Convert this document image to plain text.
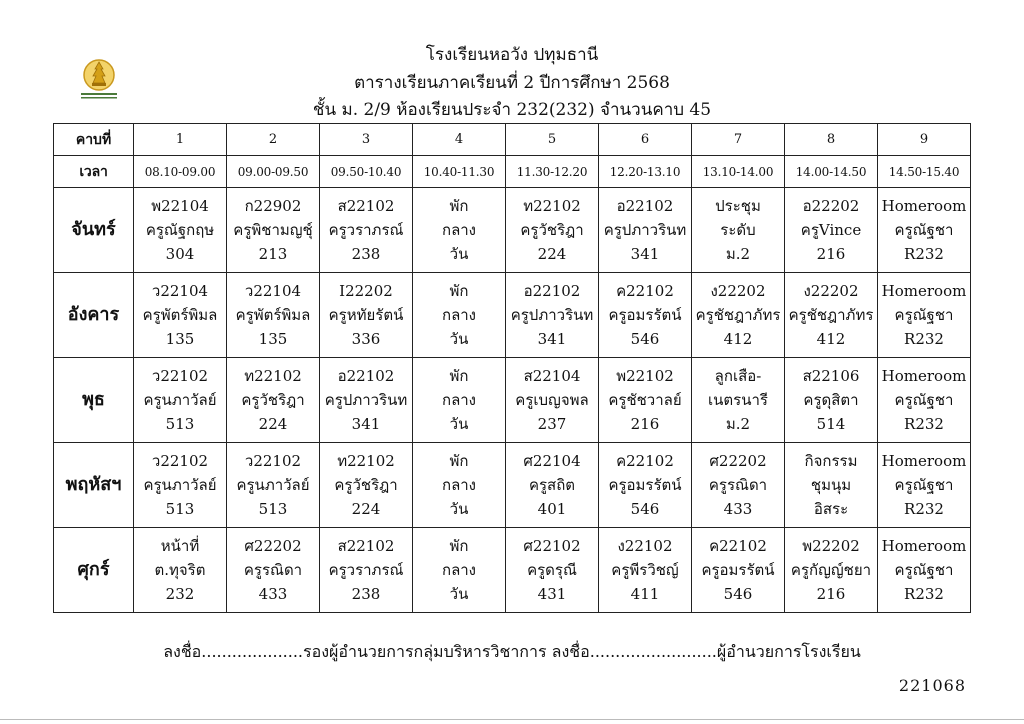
โรงเรียนหอวัง ปทุมธานี
ตารางเรียนภาคเรียนที่ 2 ปีการศึกษา 2568
ชั้น ม. 2/9 ห้องเรียนประจำ 232(232) จำนวนคาบ 45
คาบที่	1	2	3	4	5	6	7	8	9
เวลา	08.10-09.00	09.00-09.50	09.50-10.40	10.40-11.30	11.30-12.20	12.20-13.10	13.10-14.00	14.00-14.50	14.50-15.40
จันทร์	พ22104
ครูณัฐกฤษ
304	ก22902
ครูพิชามญชุ์
213	ส22102
ครูวราภรณ์
238	พัก
กลาง
วัน	ท22102
ครูวัชริฎา
224	อ22102
ครูปภาวรินท
341	ประชุม
ระดับ
ม.2	อ22202
ครูVince
216	Homeroom
ครูณัฐชา
R232

อังคาร	ว22104
ครูพัตร์พิมล
135	ว22104
ครูพัตร์พิมล
135	I22202
ครูหทัยรัตน์
336	พัก
กลาง
วัน	อ22102
ครูปภาวรินท
341	ค22102
ครูอมรรัตน์
546	ง22202
ครูชัชฎาภัทร
412	ง22202
ครูชัชฎาภัทร
412	Homeroom
ครูณัฐชา
R232

พุธ	ว22102
ครูนภาวัลย์
513	ท22102
ครูวัชริฎา
224	อ22102
ครูปภาวรินท
341	พัก
กลาง
วัน	ส22104
ครูเบญจพล
237	พ22102
ครูชัชวาลย์
216	ลูกเสือ-
เนตรนารี
ม.2	ส22106
ครูดุสิตา
514	Homeroom
ครูณัฐชา
R232

พฤหัสฯ	ว22102
ครูนภาวัลย์
513	ว22102
ครูนภาวัลย์
513	ท22102
ครูวัชริฎา
224	พัก
กลาง
วัน	ศ22104
ครูสถิต
401	ค22102
ครูอมรรัตน์
546	ศ22202
ครูรณิดา
433	กิจกรรม
ชุมนุม
อิสระ	Homeroom
ครูณัฐชา
R232

ศุกร์	หน้าที่
ต.ทุจริต
232	ศ22202
ครูรณิดา
433	ส22102
ครูวราภรณ์
238	พัก
กลาง
วัน	ศ22102
ครูดรุณี
431	ง22102
ครูพีรวิชญ์
411	ค22102
ครูอมรรัตน์
546	พ22202
ครูกัญญ์ชยา
216	Homeroom
ครูณัฐชา
R232
ลงชื่อ....................รองผู้อำนวยการกลุ่มบริหารวิชาการ ลงชื่อ.........................ผู้อำนวยการโรงเรียน
221068
